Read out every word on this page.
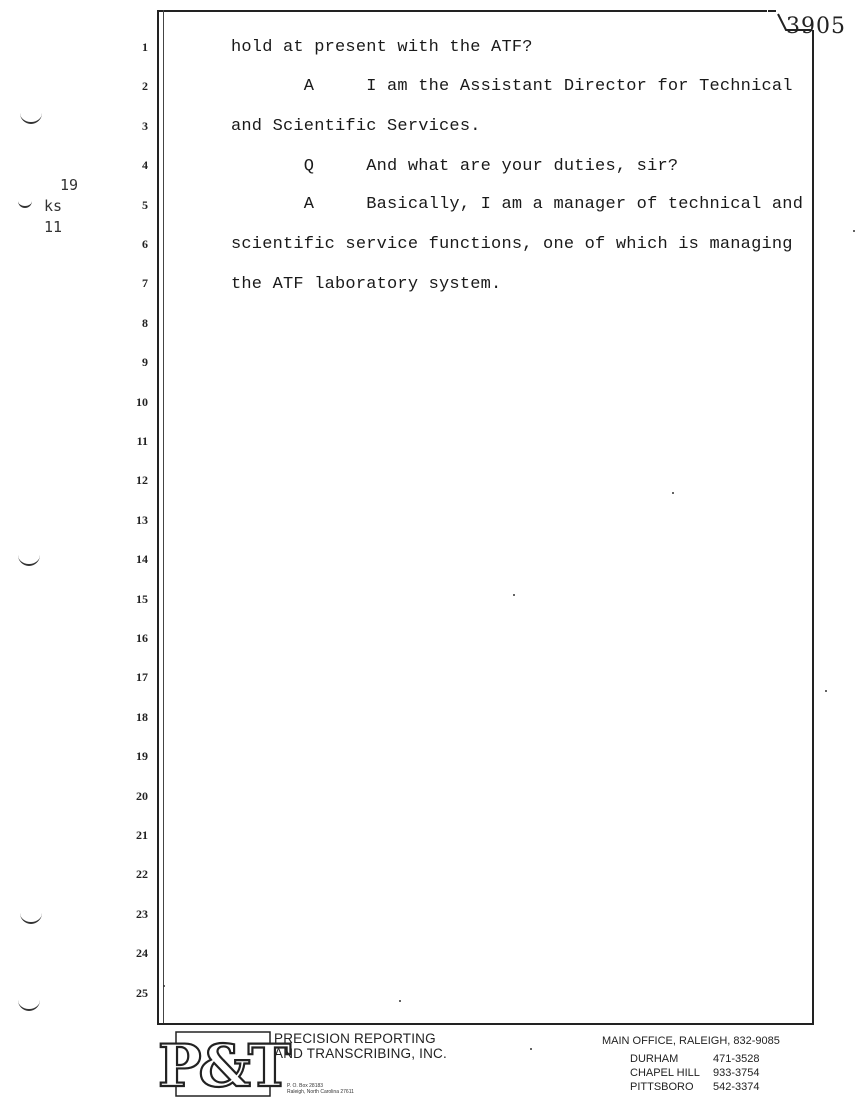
3905
19
ks
11
1
2
3
4
5
6
7
8
9
10
11
12
13
14
15
16
17
18
19
20
21
22
23
24
25
hold at present with the ATF?
A     I am the Assistant Director for Technical
and Scientific Services.
Q     And what are your duties, sir?
A     Basically, I am a manager of technical and
scientific service functions, one of which is managing
the ATF laboratory system.
P&T
PRECISION REPORTING
AND TRANSCRIBING, INC.
P. O. Box 28183
Raleigh, North Carolina 27611
MAIN OFFICE, RALEIGH, 832-9085
DURHAM	471-3528
CHAPEL HILL 933-3754
PITTSBORO 542-3374
